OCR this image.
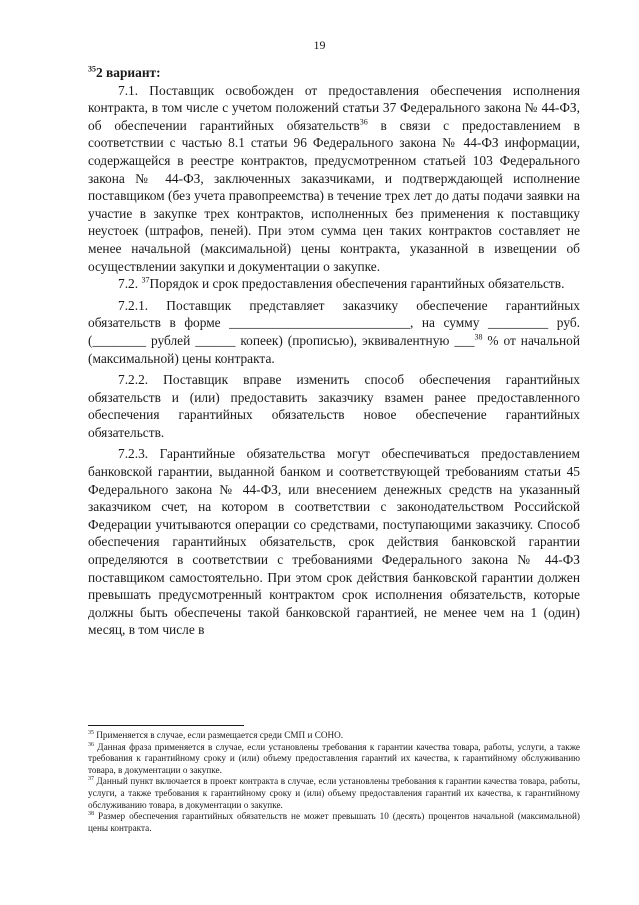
19

$^{35}$2 вариант:

7.1. Поставщик освобожден от предоставления обеспечения исполнения контракта, в том числе с учетом положений статьи 37 Федерального закона № 44-ФЗ, об обеспечении гарантийных обязательств$^{36}$ в связи с предоставлением в соответствии с частью 8.1 статьи 96 Федерального закона № 44-ФЗ информации, содержащейся в реестре контрактов, предусмотренном статьей 103 Федерального закона № 44-ФЗ, заключенных заказчиками, и подтверждающей исполнение поставщиком (без учета правопреемства) в течение трех лет до даты подачи заявки на участие в закупке трех контрактов, исполненных без применения к поставщику неустоек (штрафов, пеней). При этом сумма цен таких контрактов составляет не менее начальной (максимальной) цены контракта, указанной в извещении об осуществлении закупки и документации о закупке.

7.2. $^{37}$Порядок и срок предоставления обеспечения гарантийных обязательств.

7.2.1. Поставщик представляет заказчику обеспечение гарантийных обязательств в форме ___________________________, на сумму _________ руб. (________ рублей ______ копеек) (прописью), эквивалентную ___$^{38}$ % от начальной (максимальной) цены контракта.

7.2.2. Поставщик вправе изменить способ обеспечения гарантийных обязательств и (или) предоставить заказчику взамен ранее предоставленного обеспечения гарантийных обязательств новое обеспечение гарантийных обязательств.

7.2.3. Гарантийные обязательства могут обеспечиваться предоставлением банковской гарантии, выданной банком и соответствующей требованиям статьи 45 Федерального закона № 44-ФЗ, или внесением денежных средств на указанный заказчиком счет, на котором в соответствии с законодательством Российской Федерации учитываются операции со средствами, поступающими заказчику. Способ обеспечения гарантийных обязательств, срок действия банковской гарантии определяются в соответствии с требованиями Федерального закона № 44-ФЗ поставщиком самостоятельно. При этом срок действия банковской гарантии должен превышать предусмотренный контрактом срок исполнения обязательств, которые должны быть обеспечены такой банковской гарантией, не менее чем на 1 (один) месяц, в том числе в

$^{35}$ Применяется в случае, если размещается среди СМП и СОНО.

$^{36}$ Данная фраза применяется в случае, если установлены требования к гарантии качества товара, работы, услуги, а также требования к гарантийному сроку и (или) объему предоставления гарантий их качества, к гарантийному обслуживанию товара, в документации о закупке.

$^{37}$ Данный пункт включается в проект контракта в случае, если установлены требования к гарантии качества товара, работы, услуги, а также требования к гарантийному сроку и (или) объему предоставления гарантий их качества, к гарантийному обслуживанию товара, в документации о закупке.

$^{38}$ Размер обеспечения гарантийных обязательств не может превышать 10 (десять) процентов начальной (максимальной) цены контракта.
